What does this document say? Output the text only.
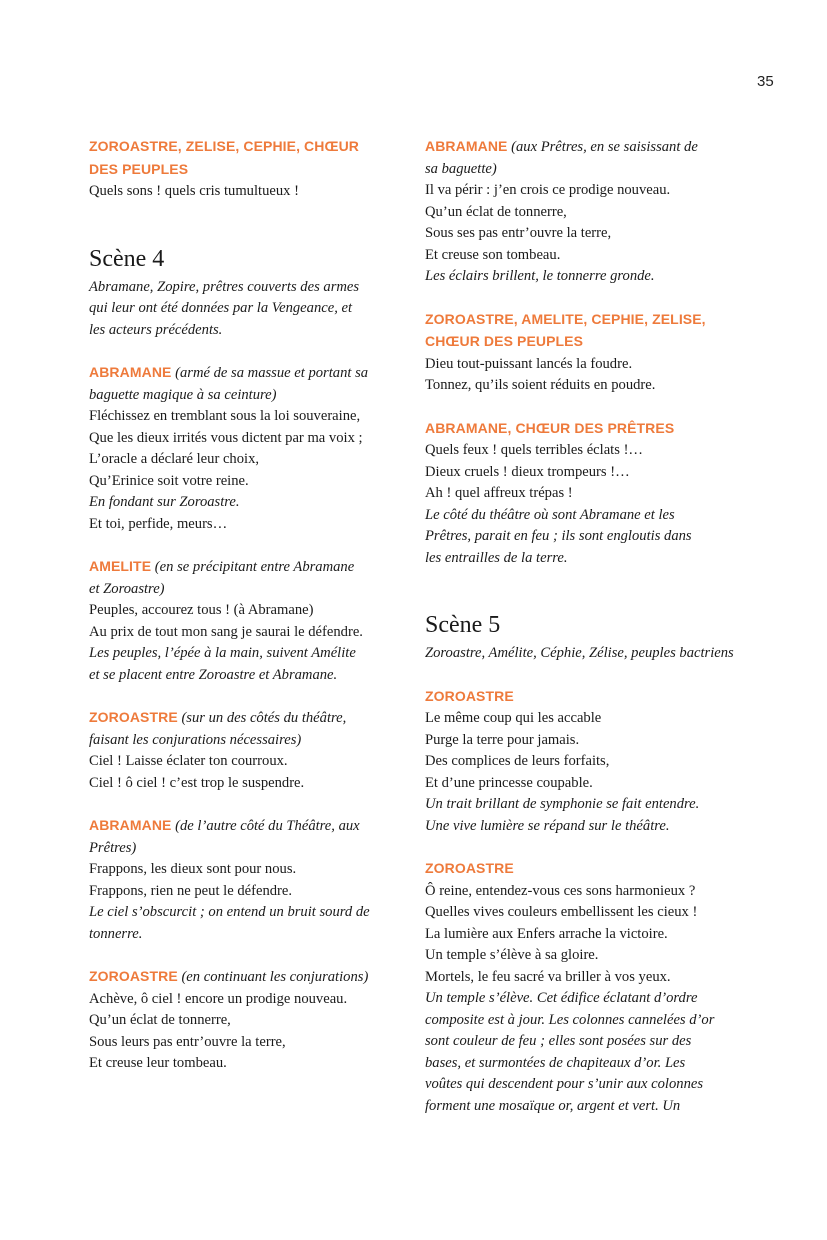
35
ZOROASTRE, ZELISE, CEPHIE, CHŒUR
DES PEUPLES
Quels sons ! quels cris tumultueux !
Scène 4
Abramane, Zopire, prêtres couverts des armes
qui leur ont été données par la Vengeance, et
les acteurs précédents.
ABRAMANE (armé de sa massue et portant sa
baguette magique à sa ceinture)
Fléchissez en tremblant sous la loi souveraine,
Que les dieux irrités vous dictent par ma voix ;
L’oracle a déclaré leur choix,
Qu’Erinice soit votre reine.
En fondant sur Zoroastre.
Et toi, perfide, meurs…
AMELITE (en se précipitant entre Abramane
et Zoroastre)
Peuples, accourez tous ! (à Abramane)
Au prix de tout mon sang je saurai le défendre.
Les peuples, l’épée à la main, suivent Amélite
et se placent entre Zoroastre et Abramane.
ZOROASTRE (sur un des côtés du théâtre,
faisant les conjurations nécessaires)
Ciel ! Laisse éclater ton courroux.
Ciel ! ô ciel ! c’est trop le suspendre.
ABRAMANE (de l’autre côté du Théâtre, aux
Prêtres)
Frappons, les dieux sont pour nous.
Frappons, rien ne peut le défendre.
Le ciel s’obscurcit ; on entend un bruit sourd de
tonnerre.
ZOROASTRE (en continuant les conjurations)
Achève, ô ciel ! encore un prodige nouveau.
Qu’un éclat de tonnerre,
Sous leurs pas entr’ouvre la terre,
Et creuse leur tombeau.
ABRAMANE (aux Prêtres, en se saisissant de
sa baguette)
Il va périr : j’en crois ce prodige nouveau.
Qu’un éclat de tonnerre,
Sous ses pas entr’ouvre la terre,
Et creuse son tombeau.
Les éclairs brillent, le tonnerre gronde.
ZOROASTRE, AMELITE, CEPHIE, ZELISE,
CHŒUR DES PEUPLES
Dieu tout-puissant lancés la foudre.
Tonnez, qu’ils soient réduits en poudre.
ABRAMANE, CHŒUR DES PRÊTRES
Quels feux ! quels terribles éclats !…
Dieux cruels ! dieux trompeurs !…
Ah ! quel affreux trépas !
Le côté du théâtre où sont Abramane et les
Prêtres, parait en feu ; ils sont engloutis dans
les entrailles de la terre.
Scène 5
Zoroastre, Amélite, Céphie, Zélise, peuples bactriens
ZOROASTRE
Le même coup qui les accable
Purge la terre pour jamais.
Des complices de leurs forfaits,
Et d’une princesse coupable.
Un trait brillant de symphonie se fait entendre.
Une vive lumière se répand sur le théâtre.
ZOROASTRE
Ô reine, entendez-vous ces sons harmonieux ?
Quelles vives couleurs embellissent les cieux !
La lumière aux Enfers arrache la victoire.
Un temple s’élève à sa gloire.
Mortels, le feu sacré va briller à vos yeux.
Un temple s’élève. Cet édifice éclatant d’ordre
composite est à jour. Les colonnes cannelées d’or
sont couleur de feu ; elles sont posées sur des
bases, et surmontées de chapiteaux d’or. Les
voûtes qui descendent pour s’unir aux colonnes
forment une mosaïque or, argent et vert. Un
